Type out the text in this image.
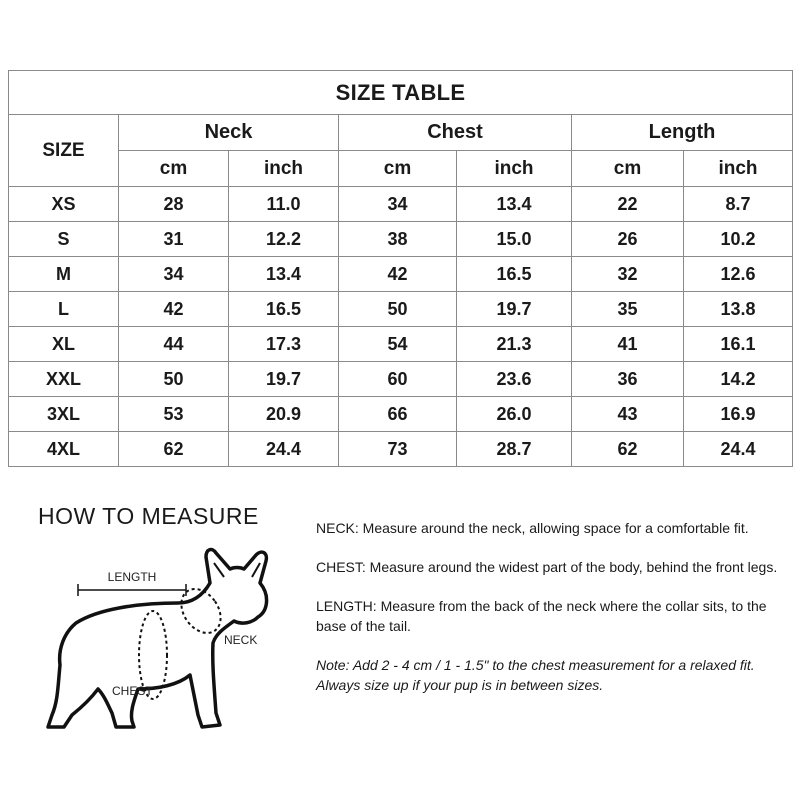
SIZE TABLE						
SIZE	Neck		Chest		Length	
	cm	inch	cm	inch	cm	inch
XS	28	11.0	34	13.4	22	8.7
S	31	12.2	38	15.0	26	10.2
M	34	13.4	42	16.5	32	12.6
L	42	16.5	50	19.7	35	13.8
XL	44	17.3	54	21.3	41	16.1
XXL	50	19.7	60	23.6	36	14.2
3XL	53	20.9	66	26.0	43	16.9
4XL	62	24.4	73	28.7	62	24.4
HOW TO MEASURE
LENGTH
NECK
CHEST

NECK: Measure around the neck, allowing space for a comfortable fit.

CHEST: Measure around the widest part of the body, behind the front legs.

LENGTH: Measure from the back of the neck where the collar sits, to the base of the tail.

Note: Add 2 - 4 cm / 1 - 1.5" to the chest measurement for a relaxed fit. Always size up if your pup is in between sizes.
